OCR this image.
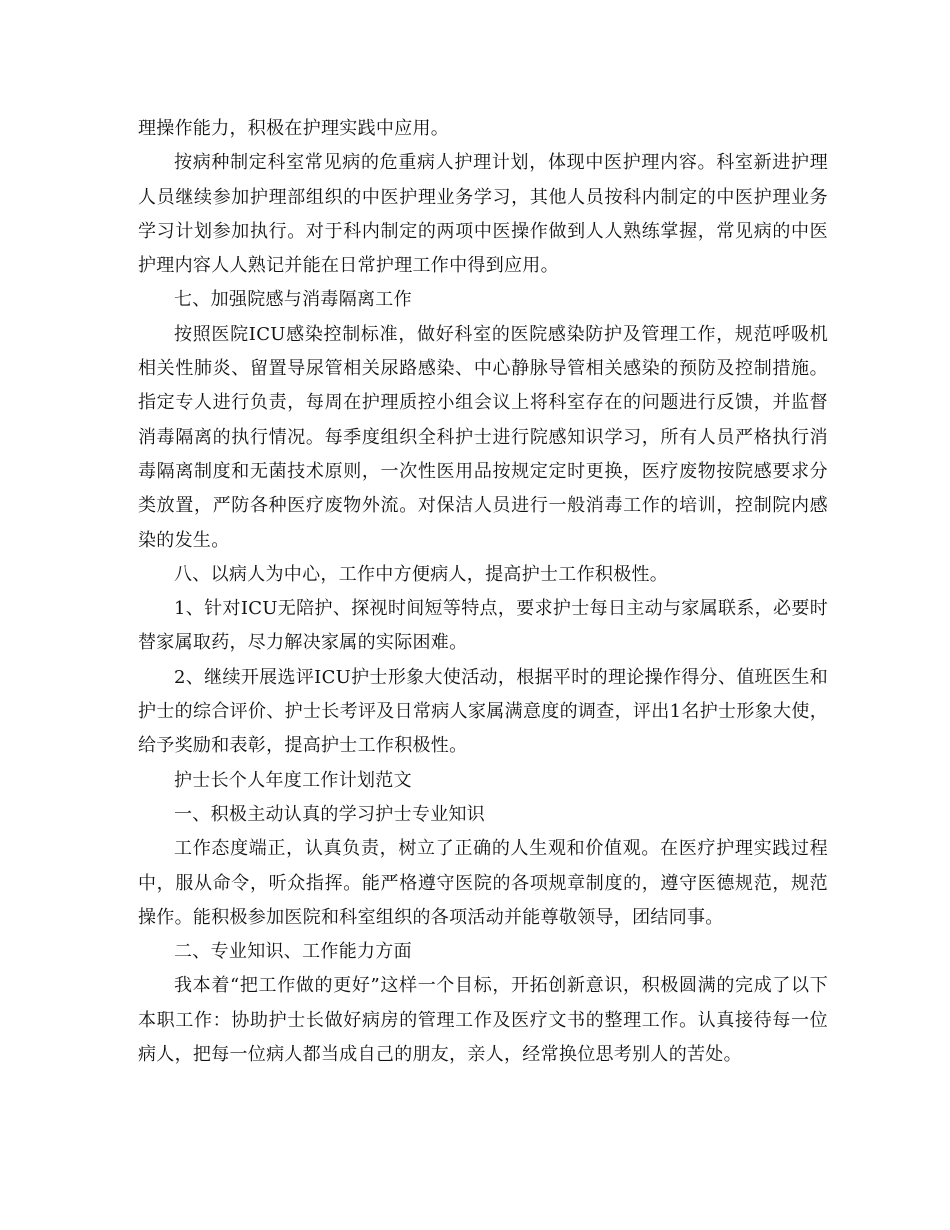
理操作能力，积极在护理实践中应用。

按病种制定科室常见病的危重病人护理计划，体现中医护理内容。科室新进护理人员继续参加护理部组织的中医护理业务学习，其他人员按科内制定的中医护理业务学习计划参加执行。对于科内制定的两项中医操作做到人人熟练掌握，常见病的中医护理内容人人熟记并能在日常护理工作中得到应用。

七、加强院感与消毒隔离工作

按照医院ICU感染控制标准，做好科室的医院感染防护及管理工作，规范呼吸机相关性肺炎、留置导尿管相关尿路感染、中心静脉导管相关感染的预防及控制措施。指定专人进行负责，每周在护理质控小组会议上将科室存在的问题进行反馈，并监督消毒隔离的执行情况。每季度组织全科护士进行院感知识学习，所有人员严格执行消毒隔离制度和无菌技术原则，一次性医用品按规定定时更换，医疗废物按院感要求分类放置，严防各种医疗废物外流。对保洁人员进行一般消毒工作的培训，控制院内感染的发生。

八、以病人为中心，工作中方便病人，提高护士工作积极性。

1、针对ICU无陪护、探视时间短等特点，要求护士每日主动与家属联系，必要时替家属取药，尽力解决家属的实际困难。

2、继续开展选评ICU护士形象大使活动，根据平时的理论操作得分、值班医生和护士的综合评价、护士长考评及日常病人家属满意度的调查，评出1名护士形象大使，给予奖励和表彰，提高护士工作积极性。

护士长个人年度工作计划范文

一、积极主动认真的学习护士专业知识

工作态度端正，认真负责，树立了正确的人生观和价值观。在医疗护理实践过程中，服从命令，听众指挥。能严格遵守医院的各项规章制度的，遵守医德规范，规范操作。能积极参加医院和科室组织的各项活动并能尊敬领导，团结同事。

二、专业知识、工作能力方面

我本着“把工作做的更好”这样一个目标，开拓创新意识，积极圆满的完成了以下本职工作：协助护士长做好病房的管理工作及医疗文书的整理工作。认真接待每一位病人，把每一位病人都当成自己的朋友，亲人，经常换位思考别人的苦处。
